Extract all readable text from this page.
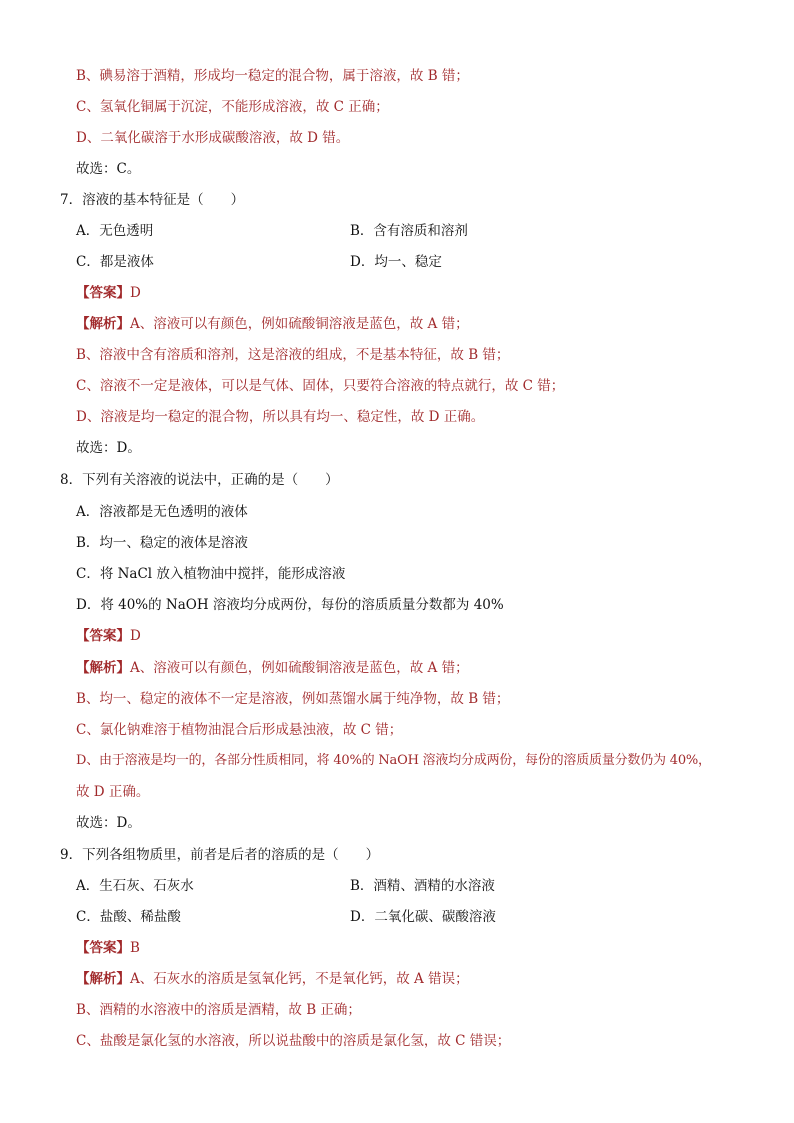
B、碘易溶于酒精，形成均一稳定的混合物，属于溶液，故 B 错；
C、氢氧化铜属于沉淀，不能形成溶液，故 C 正确；
D、二氧化碳溶于水形成碳酸溶液，故 D 错。
故选：C。
7．溶液的基本特征是（　　）
A．无色透明	B．含有溶质和溶剂
C．都是液体	D．均一、稳定
【答案】D
【解析】A、溶液可以有颜色，例如硫酸铜溶液是蓝色，故 A 错；
B、溶液中含有溶质和溶剂，这是溶液的组成，不是基本特征，故 B 错；
C、溶液不一定是液体，可以是气体、固体，只要符合溶液的特点就行，故 C 错；
D、溶液是均一稳定的混合物，所以具有均一、稳定性，故 D 正确。
故选：D。
8．下列有关溶液的说法中，正确的是（　　）
A．溶液都是无色透明的液体
B．均一、稳定的液体是溶液
C．将 NaCl 放入植物油中搅拌，能形成溶液
D．将 40%的 NaOH 溶液均分成两份，每份的溶质质量分数都为 40%
【答案】D
【解析】A、溶液可以有颜色，例如硫酸铜溶液是蓝色，故 A 错；
B、均一、稳定的液体不一定是溶液，例如蒸馏水属于纯净物，故 B 错；
C、氯化钠难溶于植物油混合后形成悬浊液，故 C 错；
D、由于溶液是均一的，各部分性质相同，将 40%的 NaOH 溶液均分成两份，每份的溶质质量分数仍为 40%，
故 D 正确。
故选：D。
9．下列各组物质里，前者是后者的溶质的是（　　）
A．生石灰、石灰水	B．酒精、酒精的水溶液
C．盐酸、稀盐酸	D．二氧化碳、碳酸溶液
【答案】B
【解析】A、石灰水的溶质是氢氧化钙，不是氧化钙，故 A 错误；
B、酒精的水溶液中的溶质是酒精，故 B 正确；
C、盐酸是氯化氢的水溶液，所以说盐酸中的溶质是氯化氢，故 C 错误；
